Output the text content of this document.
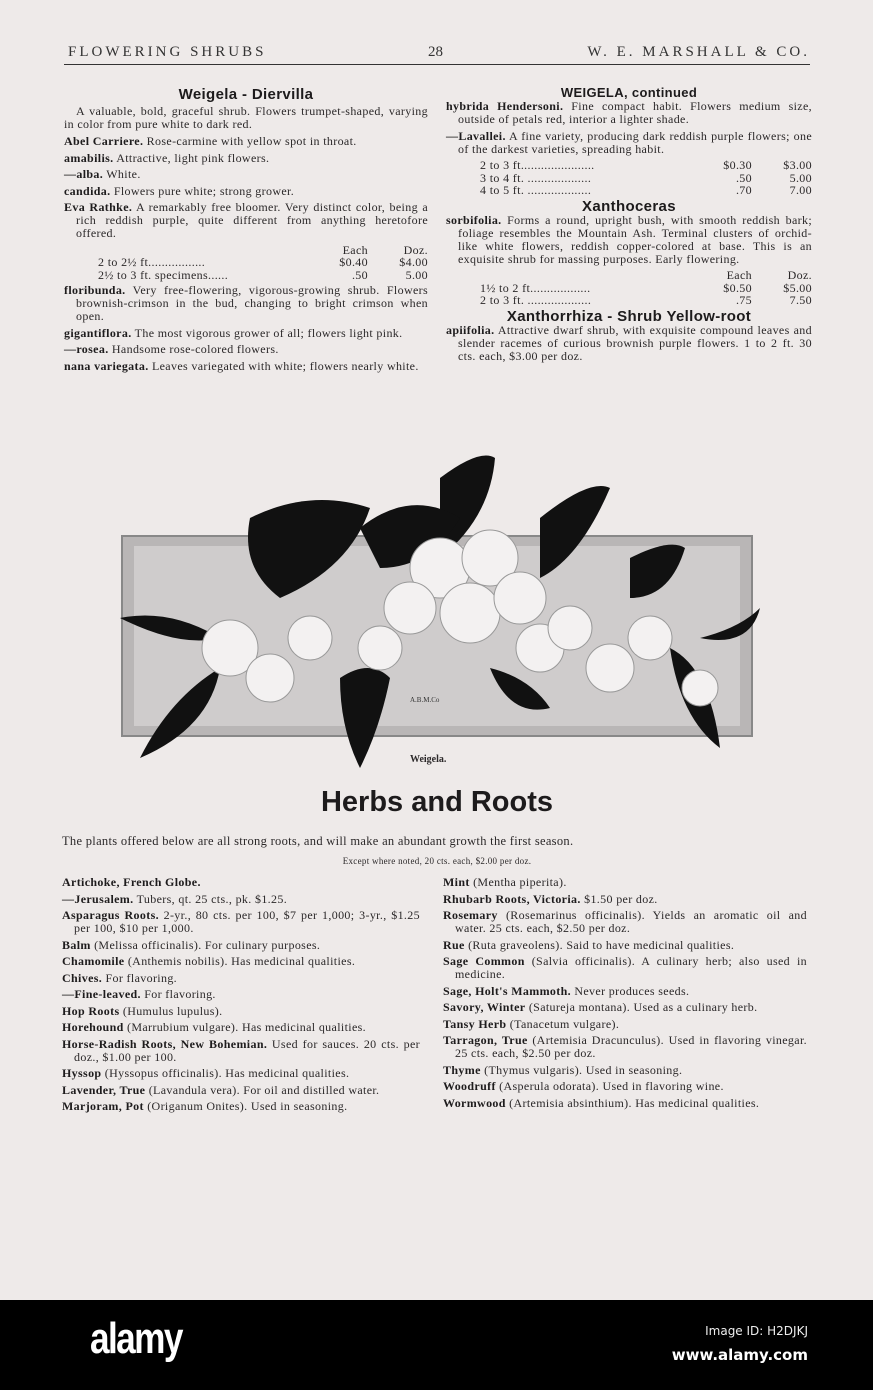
FLOWERING SHRUBS	28	W. E. MARSHALL & CO.
Weigela - Diervilla
A valuable, bold, graceful shrub. Flowers trumpet-shaped, varying in color from pure white to dark red.
Abel Carriere. Rose-carmine with yellow spot in throat.
amabilis. Attractive, light pink flowers.
—alba. White.
candida. Flowers pure white; strong grower.
Eva Rathke. A remarkably free bloomer. Very distinct color, being a rich reddish purple, quite different from anything heretofore offered.
	Each	Doz.
2 to 2½ ft.................	$0.40	$4.00
2½ to 3 ft. specimens......	.50	5.00
floribunda. Very free-flowering, vigorous-growing shrub. Flowers brownish-crimson in the bud, changing to bright crimson when open.
gigantiflora. The most vigorous grower of all; flowers light pink.
—rosea. Handsome rose-colored flowers.
nana variegata. Leaves variegated with white; flowers nearly white.
WEIGELA, continued
hybrida Hendersoni. Fine compact habit. Flowers medium size, outside of petals red, interior a lighter shade.
—Lavallei. A fine variety, producing dark reddish purple flowers; one of the darkest varieties, spreading habit.
2 to 3 ft......................	$0.30	$3.00
3 to 4 ft. ...................	.50	5.00
4 to 5 ft. ...................	.70	7.00
Xanthoceras
sorbifolia. Forms a round, upright bush, with smooth reddish bark; foliage resembles the Mountain Ash. Terminal clusters of orchid-like white flowers, reddish copper-colored at base. This is an exquisite shrub for massing purposes. Early flowering.
	Each	Doz.
1½ to 2 ft..................	$0.50	$5.00
2 to 3 ft. ...................	.75	7.50
Xanthorrhiza - Shrub Yellow-root
apiifolia. Attractive dwarf shrub, with exquisite compound leaves and slender racemes of curious brownish purple flowers. 1 to 2 ft. 30 cts. each, $3.00 per doz.
A.B.M.Co
Weigela.
Herbs and Roots
The plants offered below are all strong roots, and will make an abundant growth the first season.
Except where noted, 20 cts. each, $2.00 per doz.
Artichoke, French Globe.
—Jerusalem. Tubers, qt. 25 cts., pk. $1.25.
Asparagus Roots. 2-yr., 80 cts. per 100, $7 per 1,000; 3-yr., $1.25 per 100, $10 per 1,000.
Balm (Melissa officinalis). For culinary purposes.
Chamomile (Anthemis nobilis). Has medicinal qualities.
Chives. For flavoring.
—Fine-leaved. For flavoring.
Hop Roots (Humulus lupulus).
Horehound (Marrubium vulgare). Has medicinal qualities.
Horse-Radish Roots, New Bohemian. Used for sauces. 20 cts. per doz., $1.00 per 100.
Hyssop (Hyssopus officinalis). Has medicinal qualities.
Lavender, True (Lavandula vera). For oil and distilled water.
Marjoram, Pot (Origanum Onites). Used in seasoning.
Mint (Mentha piperita).
Rhubarb Roots, Victoria. $1.50 per doz.
Rosemary (Rosemarinus officinalis). Yields an aromatic oil and water. 25 cts. each, $2.50 per doz.
Rue (Ruta graveolens). Said to have medicinal qualities.
Sage Common (Salvia officinalis). A culinary herb; also used in medicine.
Sage, Holt's Mammoth. Never produces seeds.
Savory, Winter (Satureja montana). Used as a culinary herb.
Tansy Herb (Tanacetum vulgare).
Tarragon, True (Artemisia Dracunculus). Used in flavoring vinegar. 25 cts. each, $2.50 per doz.
Thyme (Thymus vulgaris). Used in seasoning.
Woodruff (Asperula odorata). Used in flavoring wine.
Wormwood (Artemisia absinthium). Has medicinal qualities.
alamy	Image ID: H2DJKJ
www.alamy.com
